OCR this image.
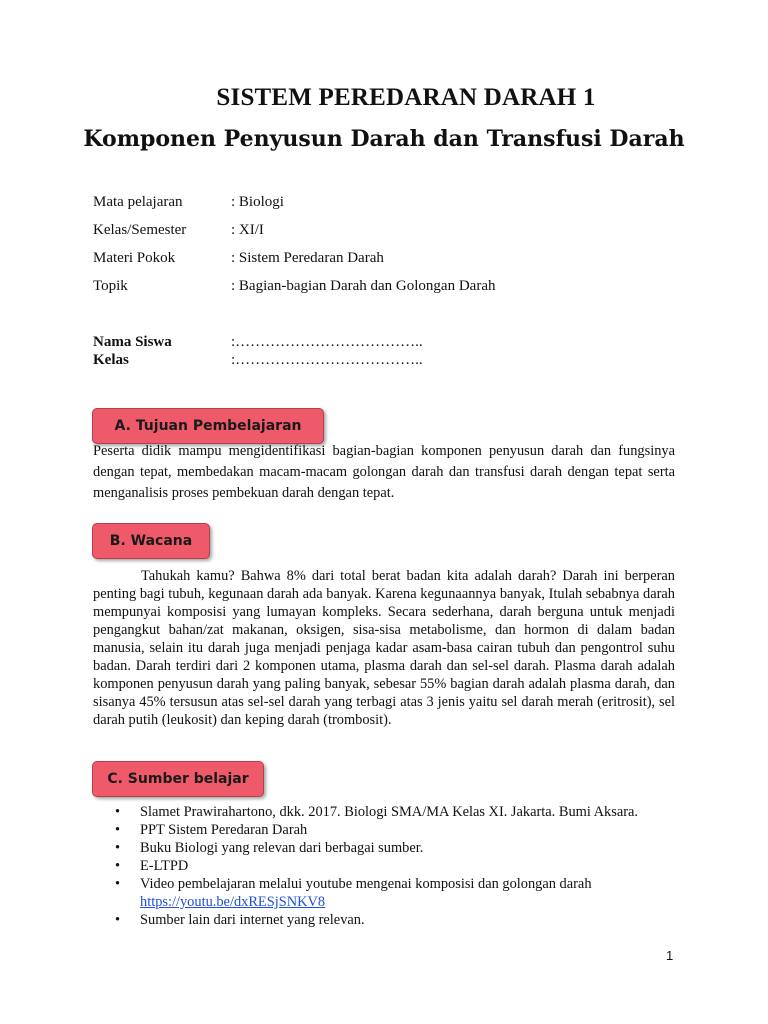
SISTEM PEREDARAN DARAH 1
Komponen Penyusun Darah dan Transfusi Darah
Mata pelajaran	: Biologi
Kelas/Semester	: XI/I
Materi Pokok	: Sistem Peredaran Darah
Topik	: Bagian-bagian Darah dan Golongan Darah
Nama Siswa	:………………………………..
Kelas	:………………………………..
A. Tujuan Pembelajaran
Peserta didik mampu mengidentifikasi bagian-bagian komponen penyusun darah dan fungsinya dengan tepat, membedakan macam-macam golongan darah dan transfusi darah dengan tepat serta menganalisis proses pembekuan darah dengan tepat.
B. Wacana
Tahukah kamu? Bahwa 8% dari total berat badan kita adalah darah? Darah ini berperan penting bagi tubuh, kegunaan darah ada banyak. Karena kegunaannya banyak, Itulah sebabnya darah mempunyai komposisi yang lumayan kompleks. Secara sederhana, darah berguna untuk menjadi pengangkut bahan/zat makanan, oksigen, sisa-sisa metabolisme, dan hormon di dalam badan manusia, selain itu darah juga menjadi penjaga kadar asam-basa cairan tubuh dan pengontrol suhu badan. Darah terdiri dari 2 komponen utama, plasma darah dan sel-sel darah. Plasma darah adalah komponen penyusun darah yang paling banyak, sebesar 55% bagian darah adalah plasma darah, dan sisanya 45% tersusun atas sel-sel darah yang terbagi atas 3 jenis yaitu sel darah merah (eritrosit), sel darah putih (leukosit) dan keping darah (trombosit).
C. Sumber belajar
• Slamet Prawirahartono, dkk. 2017. Biologi SMA/MA Kelas XI. Jakarta. Bumi Aksara.
• PPT Sistem Peredaran Darah
• Buku Biologi yang relevan dari berbagai sumber.
• E-LTPD
• Video pembelajaran melalui youtube mengenai komposisi dan golongan darah
https://youtu.be/dxRESjSNKV8
• Sumber lain dari internet yang relevan.
1
